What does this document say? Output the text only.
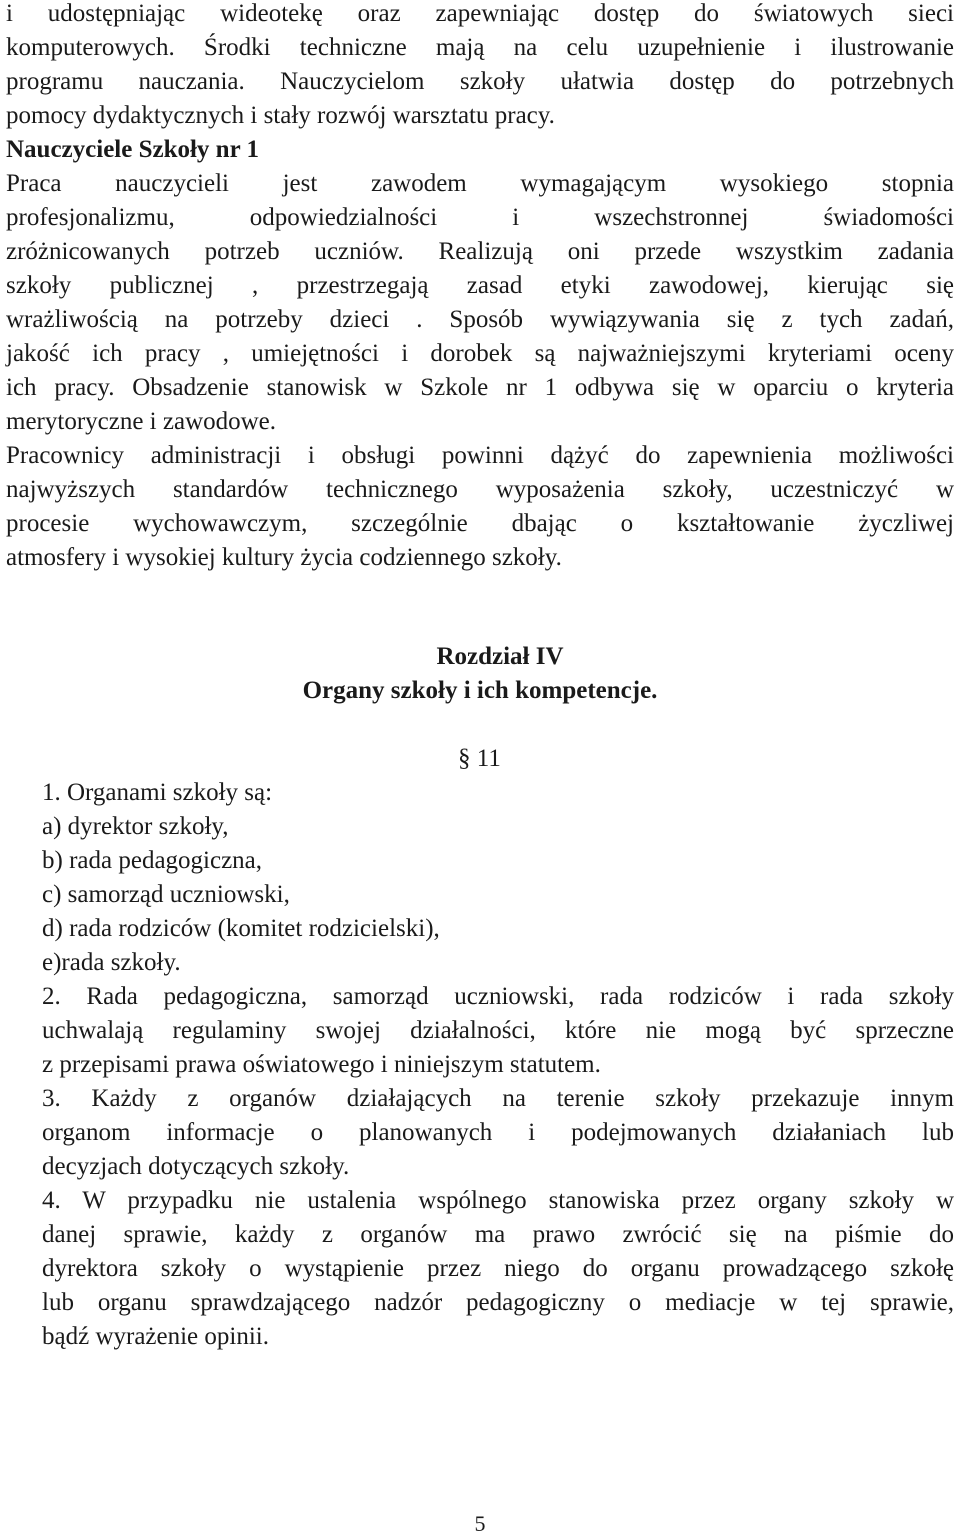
i udostępniając wideotekę oraz zapewniając dostęp do światowych sieci
komputerowych. Środki techniczne mają na celu uzupełnienie i ilustrowanie
programu nauczania. Nauczycielom szkoły ułatwia dostęp do potrzebnych
pomocy dydaktycznych i stały rozwój warsztatu pracy.
Nauczyciele Szkoły nr 1
Praca nauczycieli jest zawodem wymagającym wysokiego stopnia
profesjonalizmu, odpowiedzialności i wszechstronnej świadomości
zróżnicowanych potrzeb uczniów. Realizują oni przede wszystkim zadania
szkoły publicznej , przestrzegają zasad etyki zawodowej, kierując się
wrażliwością na potrzeby dzieci . Sposób wywiązywania się z tych zadań,
jakość ich pracy , umiejętności i dorobek są najważniejszymi kryteriami oceny
ich pracy. Obsadzenie stanowisk w Szkole nr 1 odbywa się w oparciu o kryteria
merytoryczne i zawodowe.
Pracownicy administracji i obsługi powinni dążyć do zapewnienia możliwości
najwyższych standardów technicznego wyposażenia szkoły, uczestniczyć w
procesie wychowawczym, szczególnie dbając o kształtowanie życzliwej
atmosfery i wysokiej kultury życia codziennego szkoły.
Rozdział IV
Organy szkoły i ich kompetencje.
§ 11
1. Organami szkoły są:
a) dyrektor szkoły,
b) rada pedagogiczna,
c) samorząd uczniowski,
d) rada rodziców (komitet rodzicielski),
e)rada szkoły.
2. Rada pedagogiczna, samorząd uczniowski, rada rodziców i rada szkoły
uchwalają regulaminy swojej działalności, które nie mogą być sprzeczne
z przepisami prawa oświatowego i niniejszym statutem.
3. Każdy z organów działających na terenie szkoły przekazuje innym
organom informacje o planowanych i podejmowanych działaniach lub
decyzjach dotyczących szkoły.
4. W przypadku nie ustalenia wspólnego stanowiska przez organy szkoły w
danej sprawie, każdy z organów ma prawo zwrócić się na piśmie do
dyrektora szkoły o wystąpienie przez niego do organu prowadzącego szkołę
lub organu sprawdzającego nadzór pedagogiczny o mediacje w tej sprawie,
bądź wyrażenie opinii.
5
